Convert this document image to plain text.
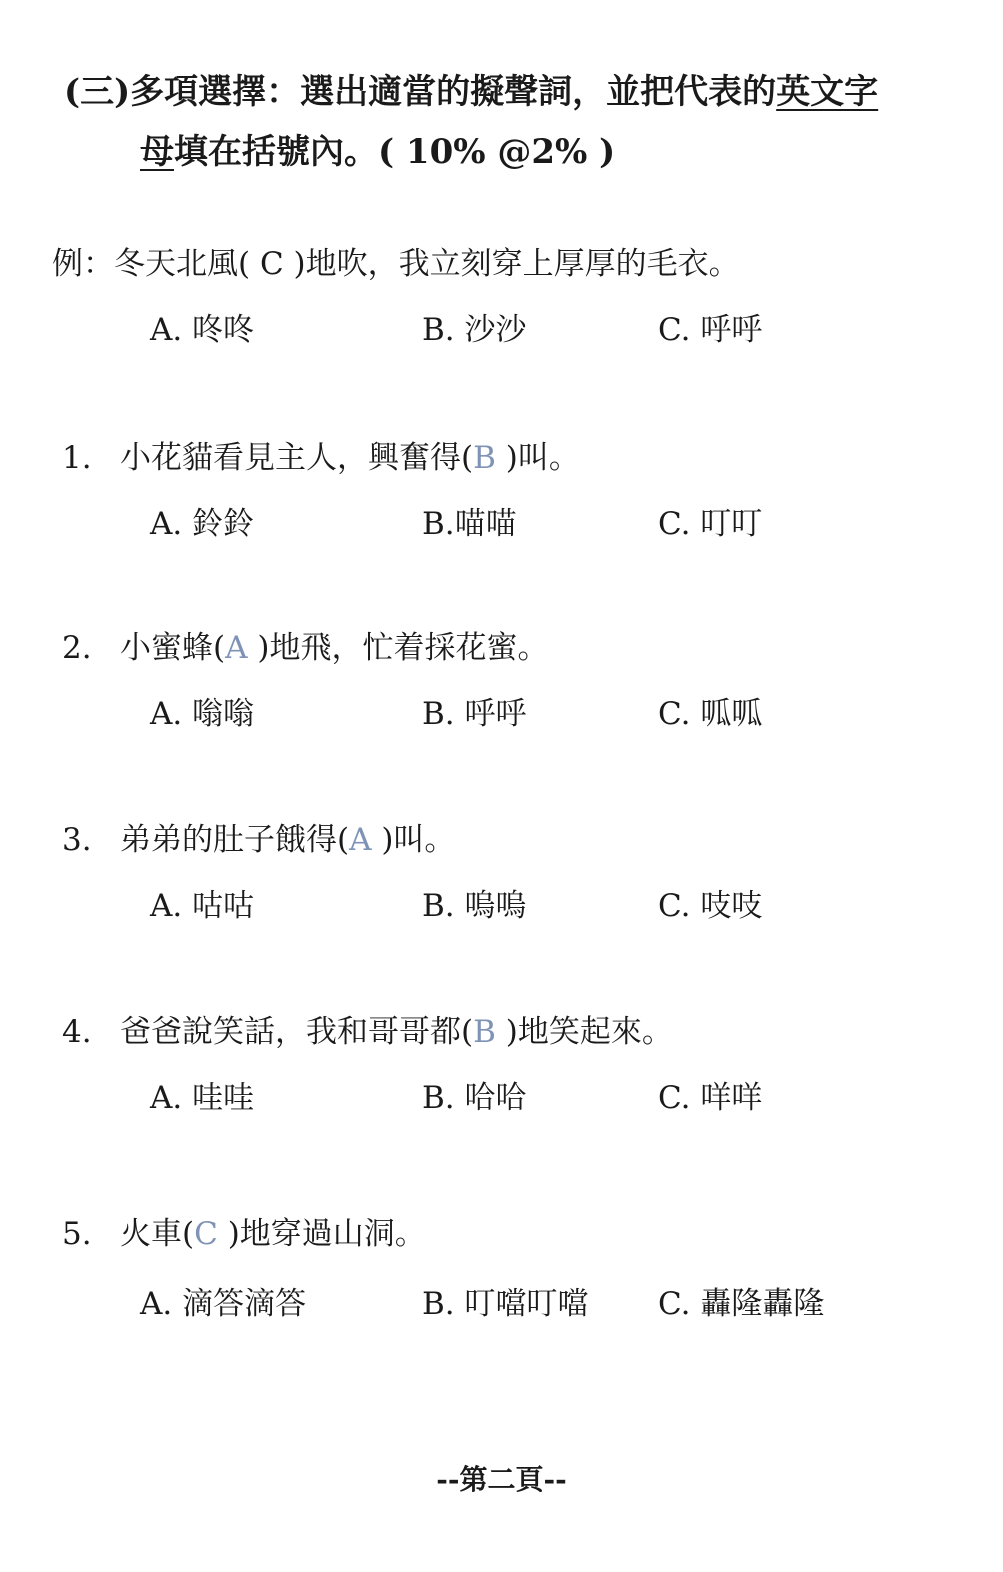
(三)多項選擇：選出適當的擬聲詞，並把代表的英文字
母填在括號內。( 10% @2% )
例：冬天北風( C )地吹，我立刻穿上厚厚的毛衣。
A. 咚咚	B. 沙沙	C. 呼呼
1. 小花貓看見主人，興奮得(B )叫。
A. 鈴鈴	B.喵喵	C. 叮叮
2. 小蜜蜂(A )地飛，忙着採花蜜。
A. 嗡嗡	B. 呼呼	C. 呱呱
3. 弟弟的肚子餓得(A )叫。
A. 咕咕	B. 嗚嗚	C. 吱吱
4. 爸爸說笑話，我和哥哥都(B )地笑起來。
A. 哇哇	B. 哈哈	C. 咩咩
5. 火車(C )地穿過山洞。
A. 滴答滴答	B. 叮噹叮噹 C. 轟隆轟隆
--第二頁--
